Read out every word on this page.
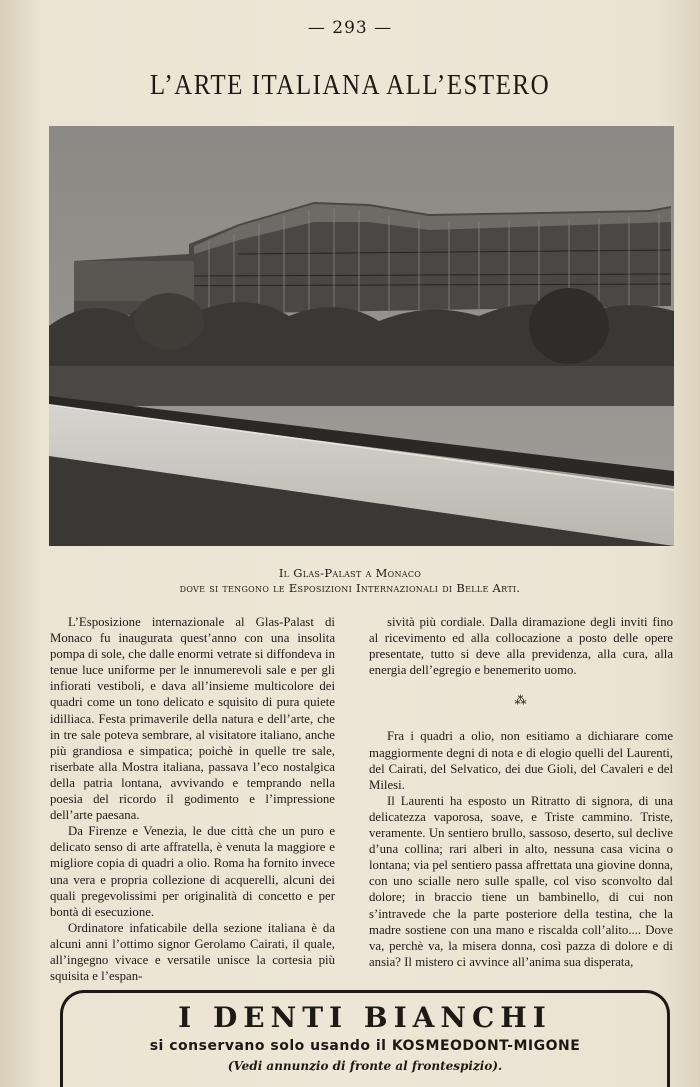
— 293 —
L’ARTE ITALIANA ALL’ESTERO
Il Glas-Palast a Monaco
dove si tengono le Esposizioni Internazionali di Belle Arti.

L’Esposizione internazionale al Glas-Palast di Monaco fu inaugurata quest’anno con una insolita pompa di sole, che dalle enormi vetrate si diffondeva in tenue luce uniforme per le innumerevoli sale e per gli infiorati vestiboli, e dava all’insieme multicolore dei quadri come un tono delicato e squisito di pura quiete idilliaca. Festa primaverile della natura e dell’arte, che in tre sale poteva sembrare, al visitatore italiano, anche più grandiosa e simpatica; poichè in quelle tre sale, riserbate alla Mostra italiana, passava l’eco nostalgica della patria lontana, avvivando e temprando nella poesia del ricordo il godimento e l’impressione dell’arte paesana.

Da Firenze e Venezia, le due città che un puro e delicato senso di arte affratella, è venuta la maggiore e migliore copia di quadri a olio. Roma ha fornito invece una vera e propria collezione di acquerelli, alcuni dei quali pregevolissimi per originalità di concetto e per bontà di esecuzione.

Ordinatore infaticabile della sezione italiana è da alcuni anni l’ottimo signor Gerolamo Cairati, il quale, all’ingegno vivace e versatile unisce la cortesia più squisita e l’espan-

sività più cordiale. Dalla diramazione degli inviti fino al ricevimento ed alla collocazione a posto delle opere presentate, tutto si deve alla previdenza, alla cura, alla energia dell’egregio e benemerito uomo.

⁂

Fra i quadri a olio, non esitiamo a dichiarare come maggiormente degni di nota e di elogio quelli del Laurenti, del Cairati, del Selvatico, dei due Gioli, del Cavaleri e del Milesi.

Il Laurenti ha esposto un Ritratto di signora, di una delicatezza vaporosa, soave, e Triste cammino. Triste, veramente. Un sentiero brullo, sassoso, deserto, sul declive d’una collina; rari alberi in alto, nessuna casa vicina o lontana; via pel sentiero passa affrettata una giovine donna, con uno scialle nero sulle spalle, col viso sconvolto dal dolore; in braccio tiene un bambinello, di cui non s’intravede che la parte posteriore della testina, che la madre sostiene con una mano e riscalda coll’alito.... Dove va, perchè va, la misera donna, così pazza di dolore e di ansia? Il mistero ci avvince all’anima sua disperata,

I DENTI BIANCHI
si conservano solo usando il KOSMEODONT-MIGONE
(Vedi annunzio di fronte al frontespizio).
